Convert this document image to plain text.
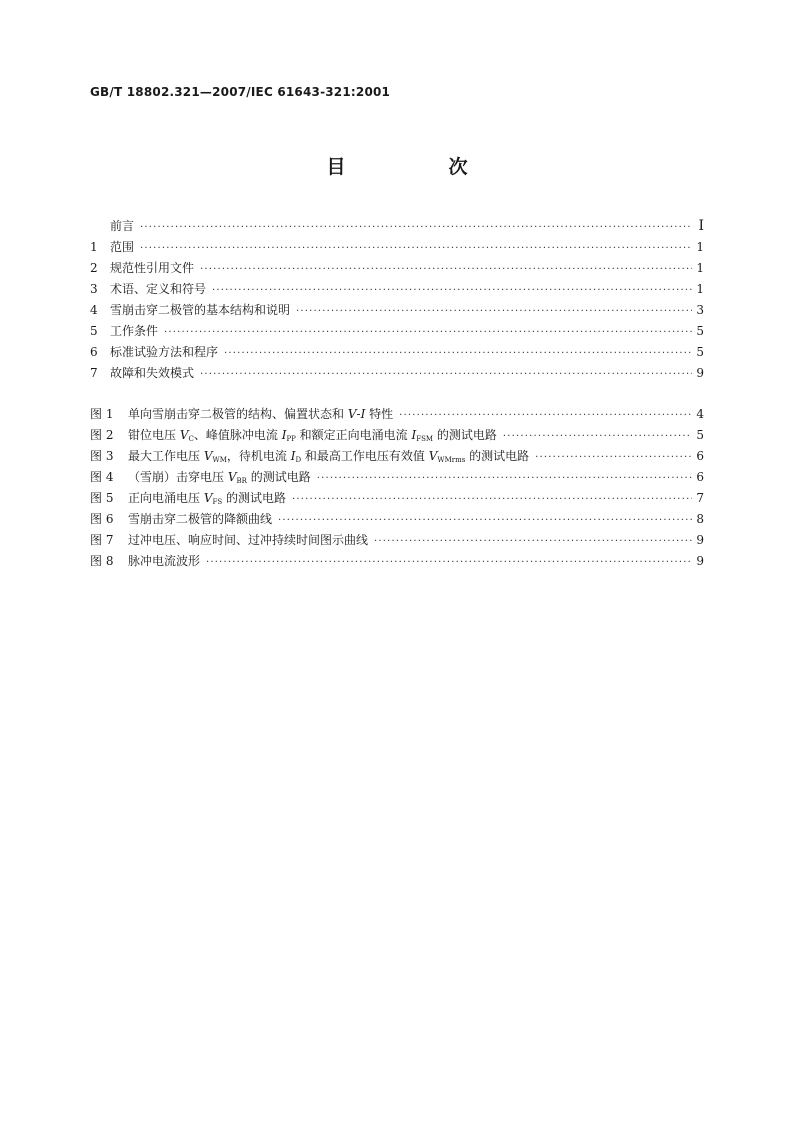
GB/T 18802.321—2007/IEC 61643-321:2001
目　次
前言 ·····	Ⅰ
1	范围 ·····	1
2	规范性引用文件 ·····	1
3	术语、定义和符号 ·····	1
4	雪崩击穿二极管的基本结构和说明 ·····	3
5	工作条件 ·····	5
6	标准试验方法和程序 ·····	5
7	故障和失效模式 ·····	9
图 1	单向雪崩击穿二极管的结构、偏置状态和 V-I 特性 ·····	4
图 2	钳位电压 $V_C$、峰值脉冲电流 $I_{PP}$ 和额定正向电涌电流 $I_{FSM}$ 的测试电路 ·····	5
图 3	最大工作电压 $V_{WM}$，待机电流 $I_D$ 和最高工作电压有效值 $V_{WMrms}$ 的测试电路 ·····	6
图 4	（雪崩）击穿电压 $V_{BR}$ 的测试电路 ·····	6
图 5	正向电涌电压 $V_{FS}$ 的测试电路 ·····	7
图 6	雪崩击穿二极管的降额曲线 ·····	8
图 7	过冲电压、响应时间、过冲持续时间图示曲线 ·····	9
图 8	脉冲电流波形 ·····	9
